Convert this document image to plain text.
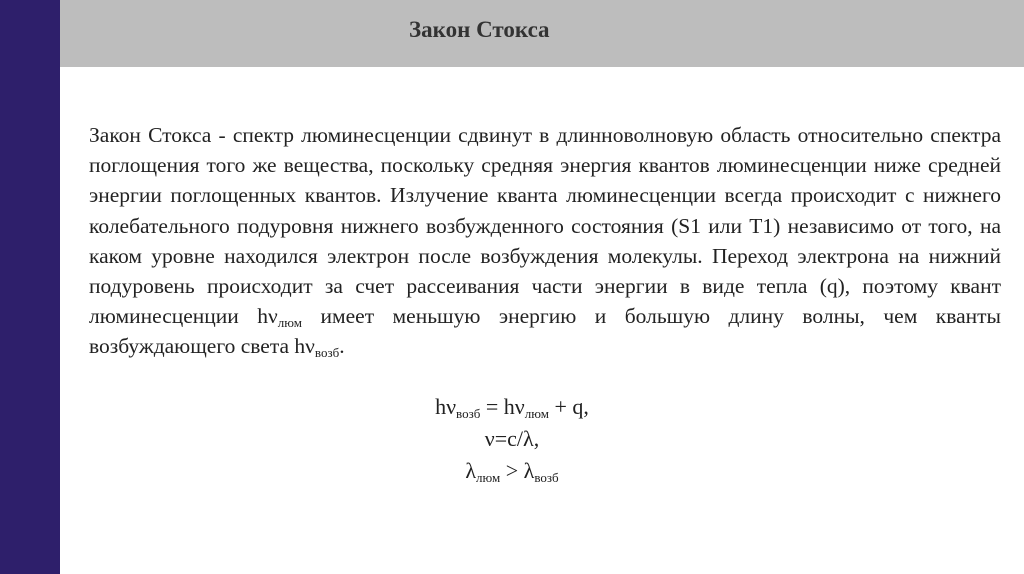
Закон Стокса
Закон Стокса - спектр люминесценции сдвинут в длинноволновую область относительно спектра поглощения того же вещества, поскольку средняя энергия квантов люминесценции ниже средней энергии поглощенных квантов. Излучение кванта люминесценции всегда происходит с нижнего колебательного подуровня нижнего возбужденного состояния (S1 или T1) независимо от того, на каком уровне находился электрон после возбуждения молекулы. Переход электрона на нижний подуровень происходит за счет рассеивания части энергии в виде тепла (q), поэтому квант люминесценции $h\nu_{люм}$ имеет меньшую энергию и большую длину волны, чем кванты возбуждающего света $h\nu_{возб}$.
$h\nu_{возб} = h\nu_{люм} + q$,
ν=c/λ,
$\lambda_{люм} > \lambda_{возб}$
